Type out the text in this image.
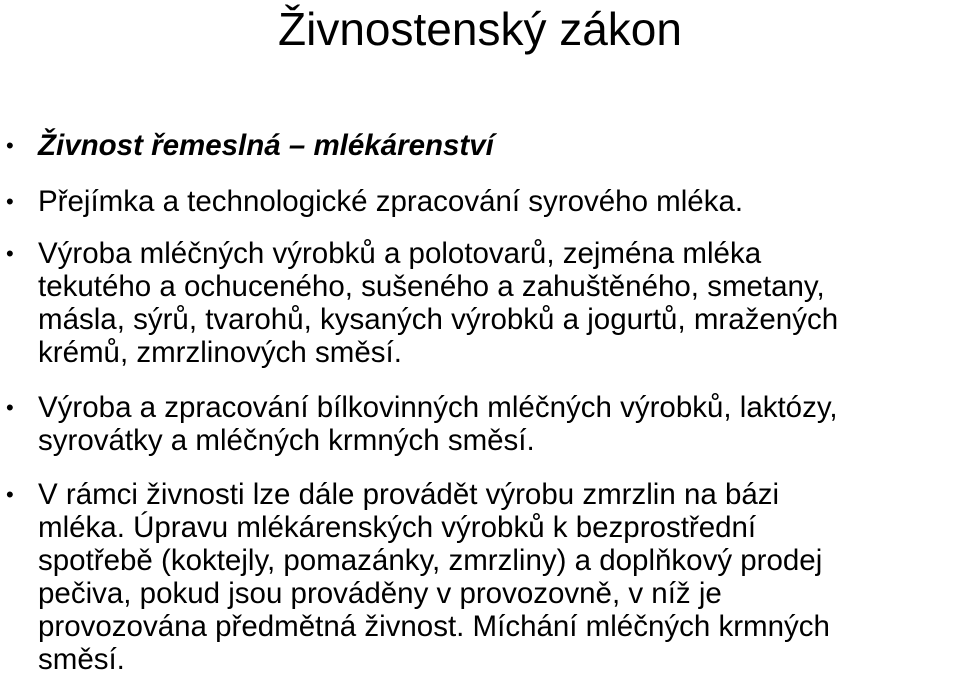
Živnostenský zákon
• Živnost řemeslná – mlékárenství
• Přejímka a technologické zpracování syrového mléka.
• Výroba mléčných výrobků a polotovarů, zejména mléka
tekutého a ochuceného, sušeného a zahuštěného, smetany,
másla, sýrů, tvarohů, kysaných výrobků a jogurtů, mražených
krémů, zmrzlinových směsí.
• Výroba a zpracování bílkovinných mléčných výrobků, laktózy,
syrovátky a mléčných krmných směsí.
• V rámci živnosti lze dále provádět výrobu zmrzlin na bázi
mléka. Úpravu mlékárenských výrobků k bezprostřední
spotřebě (koktejly, pomazánky, zmrzliny) a doplňkový prodej
pečiva, pokud jsou prováděny v provozovně, v níž je
provozována předmětná živnost. Míchání mléčných krmných
směsí.
